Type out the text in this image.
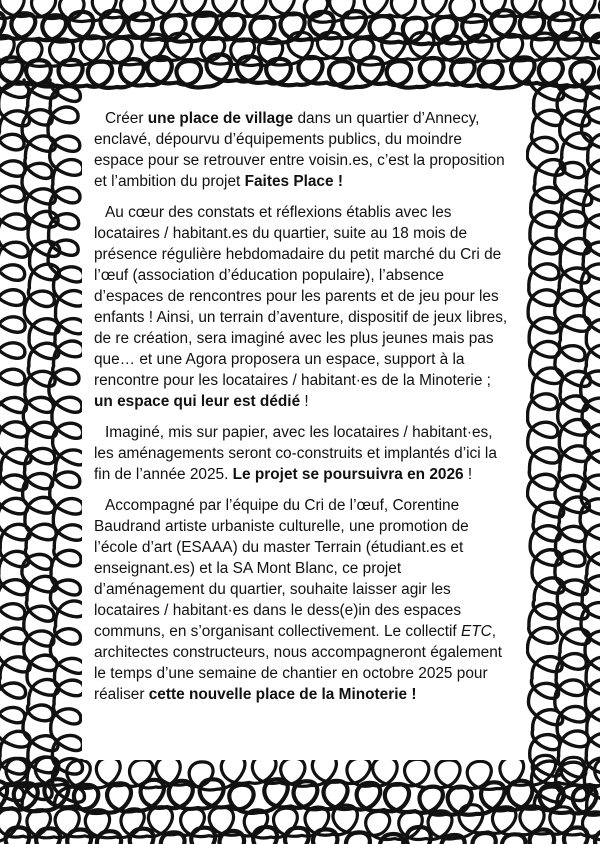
Créer une place de village dans un quartier d’Annecy, enclavé, dépourvu d’équipements publics, du moindre espace pour se retrouver entre voisin.es, c’est la proposition et l’ambition du projet Faites Place !

Au cœur des constats et réflexions établis avec les locataires / habitant.es du quartier, suite au 18 mois de présence régulière hebdomadaire du petit marché du Cri de l’œuf (association d’éducation populaire), l’absence d’espaces de rencontres pour les parents et de jeu pour les enfants ! Ainsi, un terrain d’aventure, dispositif de jeux libres, de re création, sera imaginé avec les plus jeunes mais pas que… et une Agora proposera un espace, support à la rencontre pour les locataires / habitant·es de la Minoterie ; un espace qui leur est dédié !

Imaginé, mis sur papier, avec les locataires / habitant·es, les aménagements seront co-construits et implantés d’ici la fin de l’année 2025. Le projet se poursuivra en 2026 !

Accompagné par l’équipe du Cri de l’œuf, Corentine Baudrand artiste urbaniste culturelle, une promotion de l’école d’art (ESAAA) du master Terrain (étudiant.es et enseignant.es) et la SA Mont Blanc, ce projet d’aménagement du quartier, souhaite laisser agir les locataires / habitant·es dans le dess(e)in des espaces communs, en s’organisant collectivement. Le collectif ETC, architectes constructeurs, nous accompagneront également le temps d’une semaine de chantier en octobre 2025 pour réaliser cette nouvelle place de la Minoterie !
